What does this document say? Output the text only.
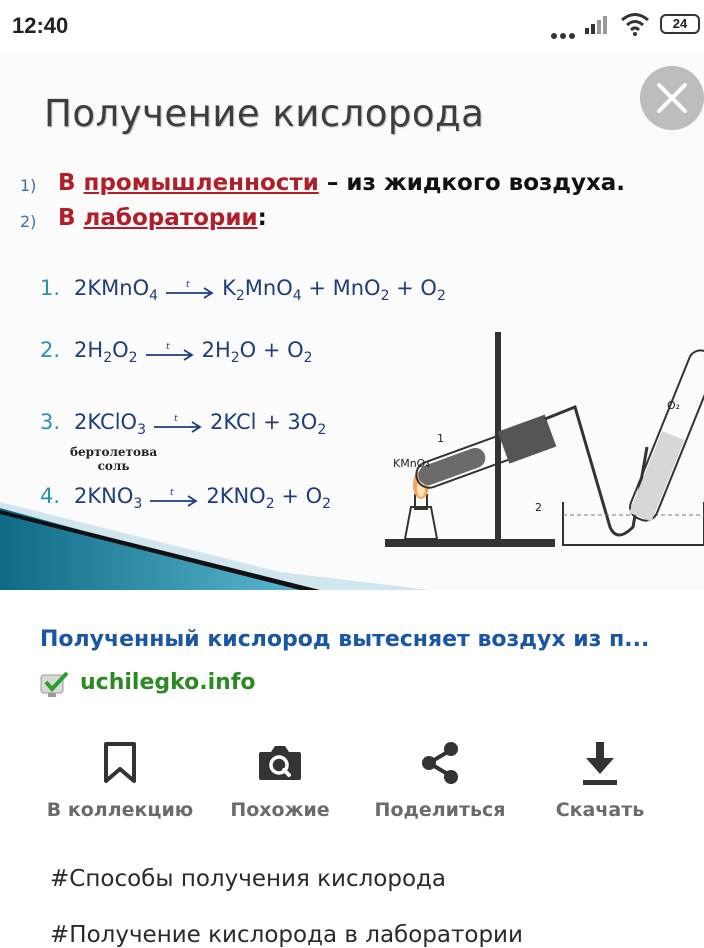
12:40	24
Получение кислорода
1) В промышленности – из жидкого воздуха.
2) В лаборатории:
1. 2KMnO$_4$
t $K_2MnO_4 + MnO_2 + O_2$
2. $2H_2O_2$
t $2H_2O + O_2$
3. 2KClO$_3$
t $2KCl + 3O_2$
бертолетова
соль
4. $2KNO_3$
t $2KNO_2 + O_2$
1
KMnO₄
O₂
2
Полученный кислород вытесняет воздух из п...
uchilegko.info
В коллекцию	Похожие	Поделиться	Скачать
#Способы получения кислорода
#Получение кислорода в лаборатории
